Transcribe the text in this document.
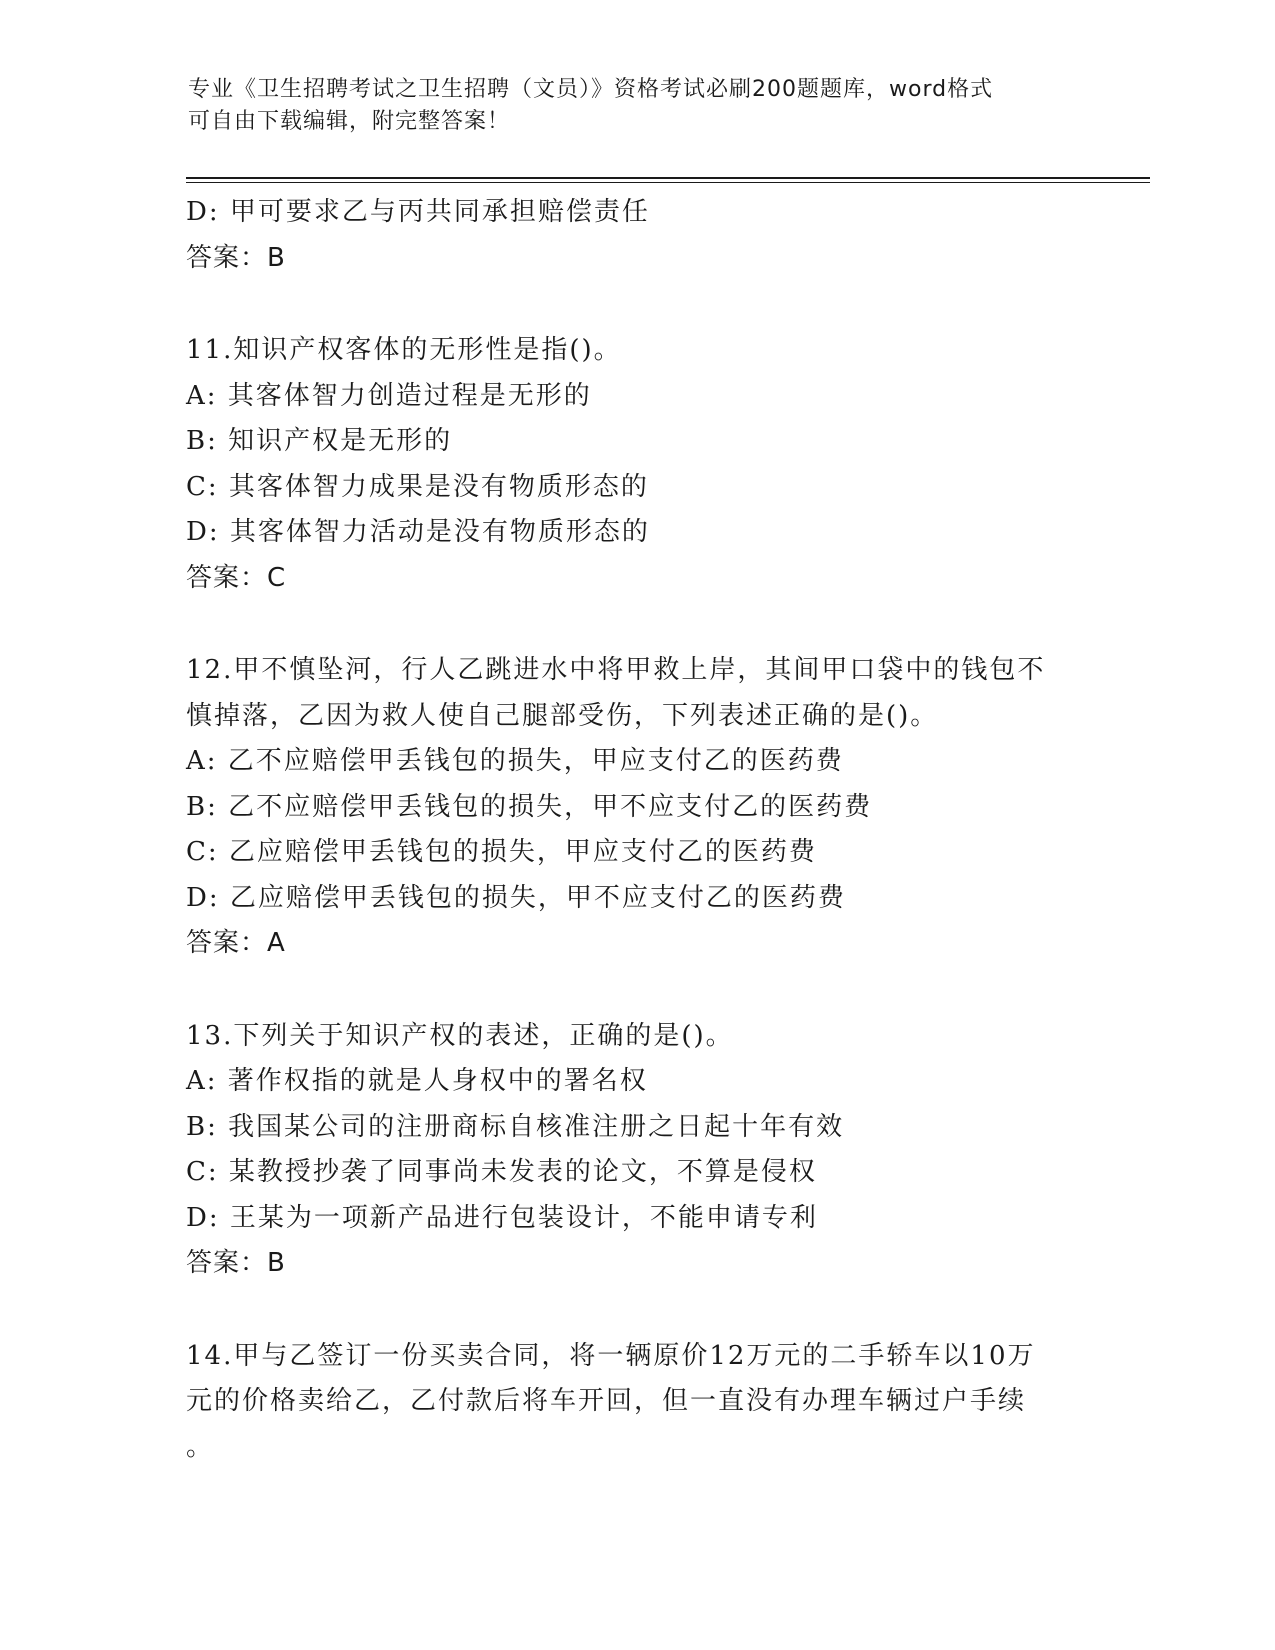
专业《卫生招聘考试之卫生招聘（文员）》资格考试必刷200题题库，word格式
可自由下载编辑，附完整答案！
D: 甲可要求乙与丙共同承担赔偿责任
答案：B
11.知识产权客体的无形性是指()。
A: 其客体智力创造过程是无形的
B: 知识产权是无形的
C: 其客体智力成果是没有物质形态的
D: 其客体智力活动是没有物质形态的
答案：C
12.甲不慎坠河，行人乙跳进水中将甲救上岸，其间甲口袋中的钱包不
慎掉落，乙因为救人使自己腿部受伤，下列表述正确的是()。
A: 乙不应赔偿甲丢钱包的损失，甲应支付乙的医药费
B: 乙不应赔偿甲丢钱包的损失，甲不应支付乙的医药费
C: 乙应赔偿甲丢钱包的损失，甲应支付乙的医药费
D: 乙应赔偿甲丢钱包的损失，甲不应支付乙的医药费
答案：A
13.下列关于知识产权的表述，正确的是()。
A: 著作权指的就是人身权中的署名权
B: 我国某公司的注册商标自核准注册之日起十年有效
C: 某教授抄袭了同事尚未发表的论文，不算是侵权
D: 王某为一项新产品进行包装设计，不能申请专利
答案：B
14.甲与乙签订一份买卖合同，将一辆原价12万元的二手轿车以10万
元的价格卖给乙，乙付款后将车开回，但一直没有办理车辆过户手续
。
